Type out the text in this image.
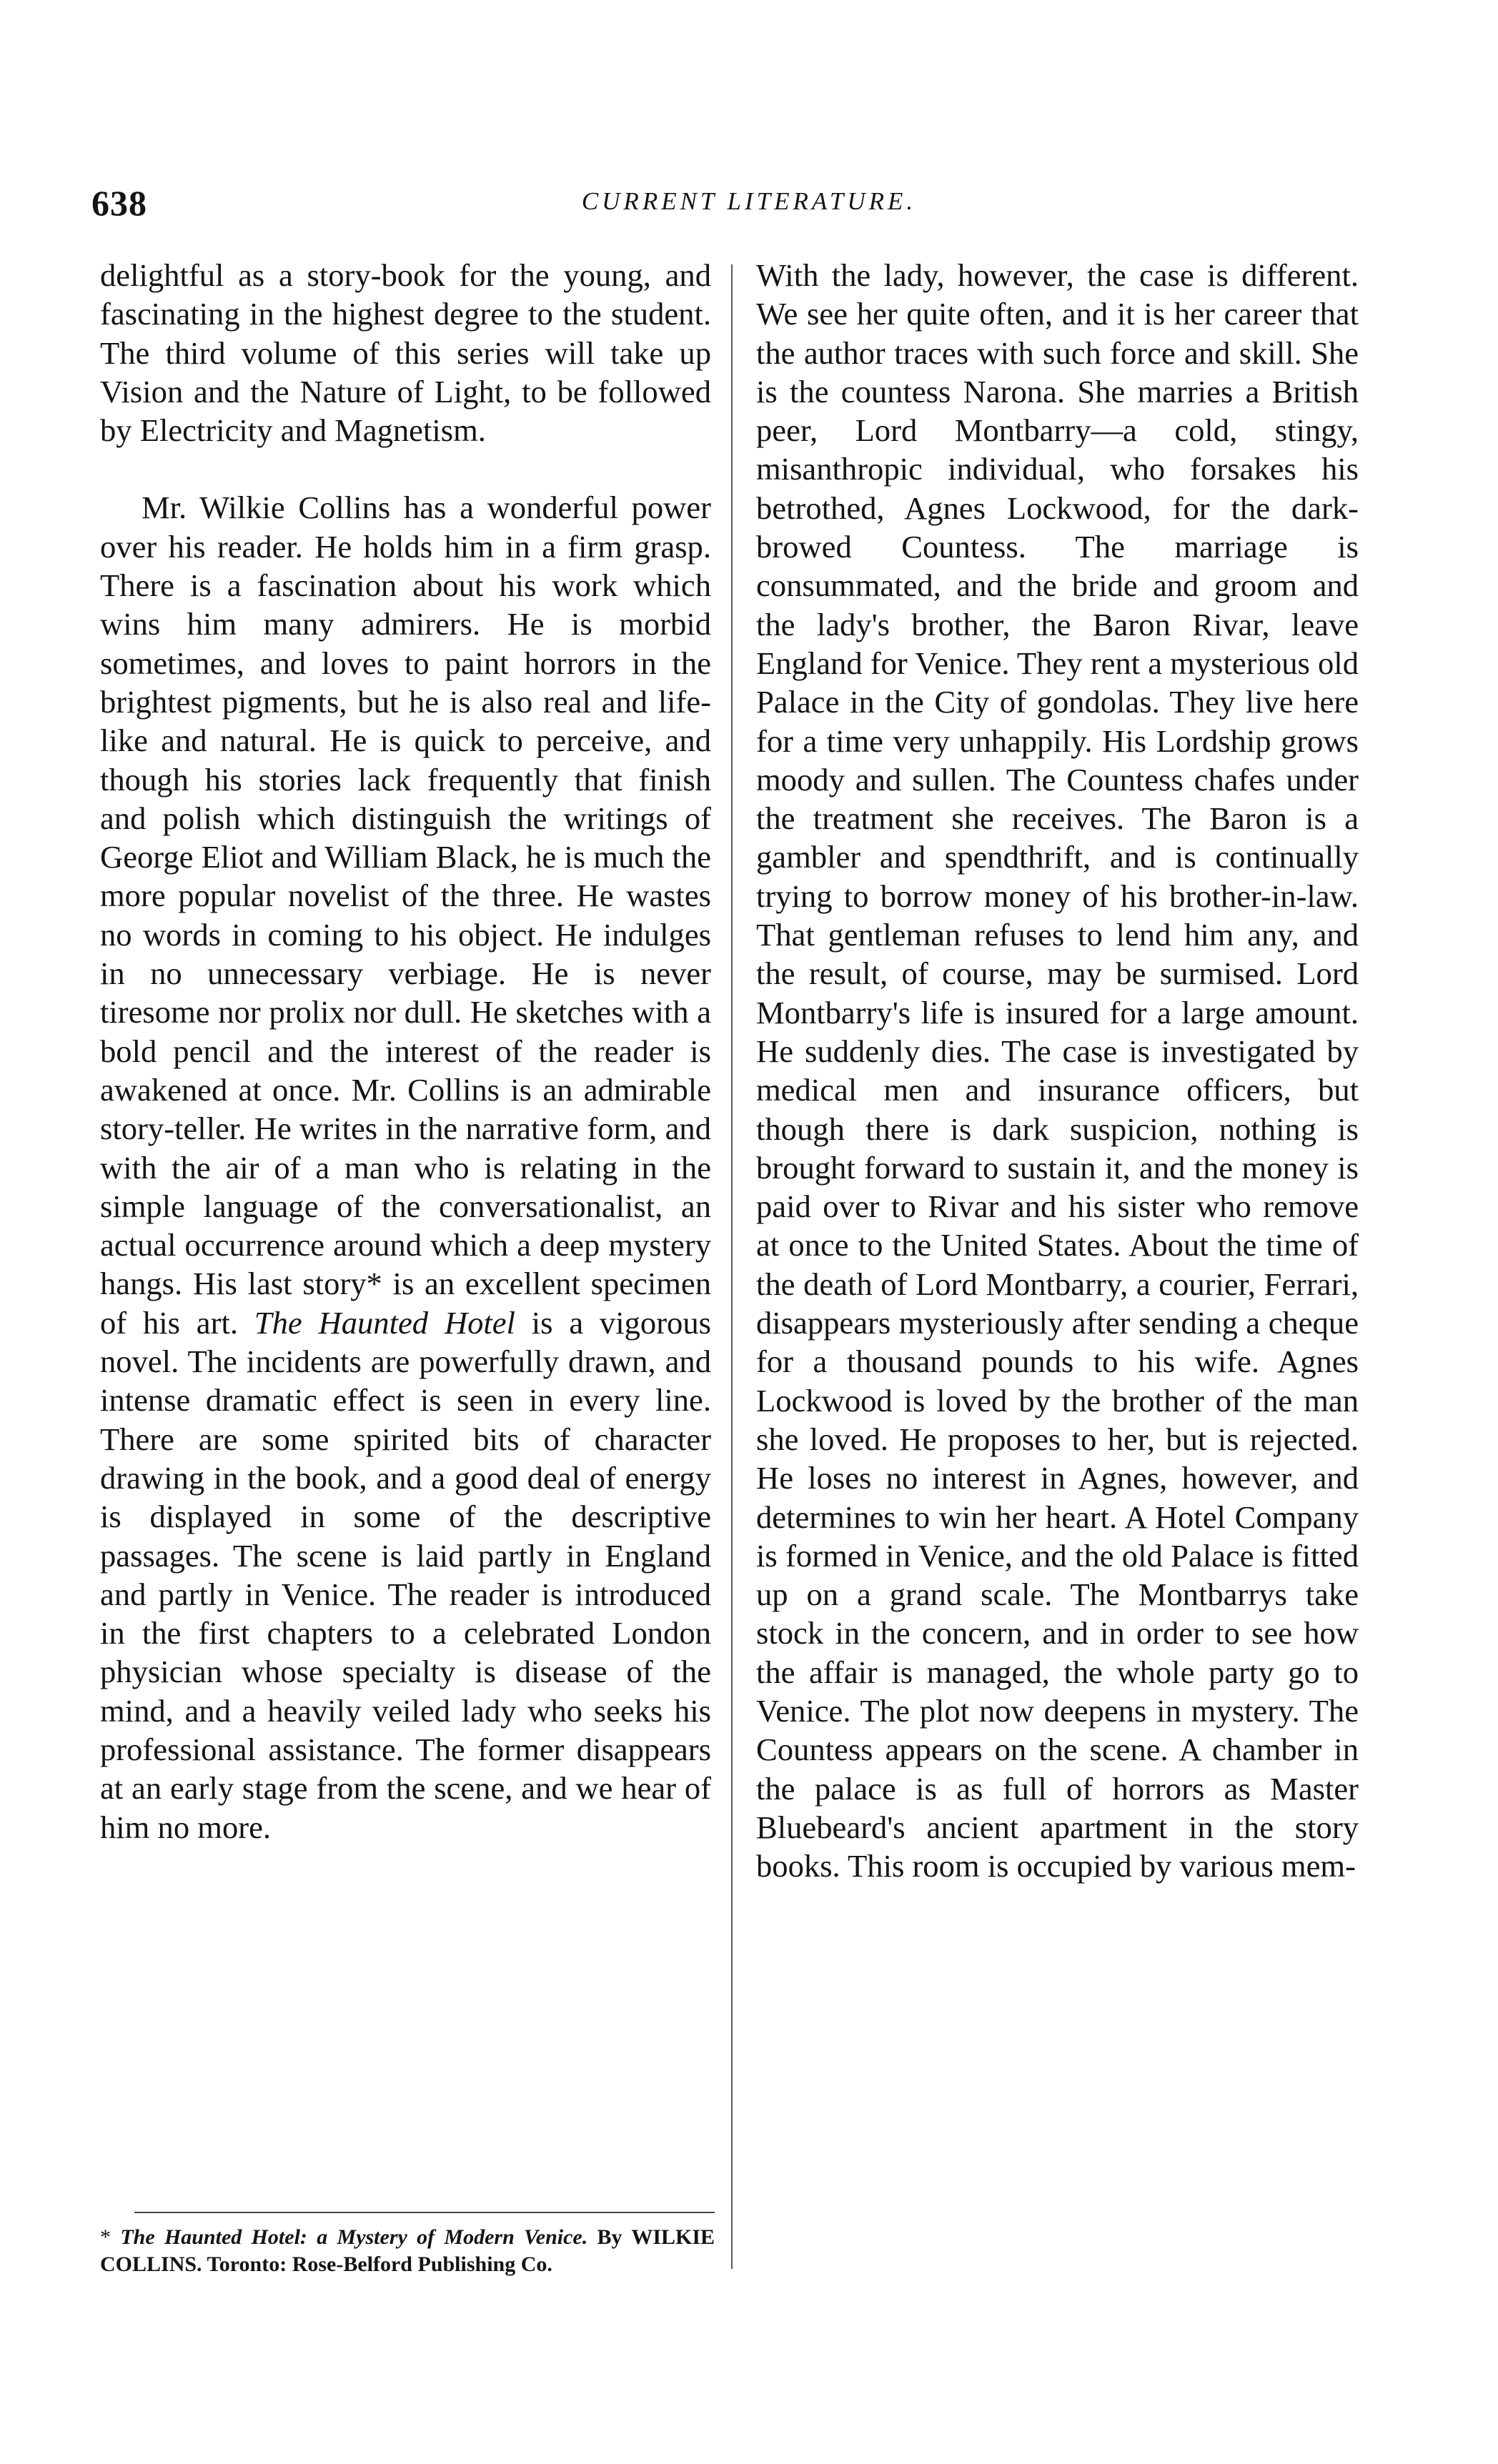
638	CURRENT LITERATURE.

delightful as a story-book for the young, and fascinating in the highest degree to the student. The third volume of this series will take up Vision and the Nature of Light, to be followed by Electricity and Magnetism.

Mr. Wilkie Collins has a wonderful power over his reader. He holds him in a firm grasp. There is a fascination about his work which wins him many admirers. He is morbid sometimes, and loves to paint horrors in the brightest pigments, but he is also real and life-like and natural. He is quick to perceive, and though his stories lack frequently that finish and polish which distinguish the writings of George Eliot and William Black, he is much the more popular novelist of the three. He wastes no words in coming to his object. He indulges in no unnecessary verbiage. He is never tiresome nor prolix nor dull. He sketches with a bold pencil and the interest of the reader is awakened at once. Mr. Collins is an admirable story-teller. He writes in the narrative form, and with the air of a man who is relating in the simple language of the conversationalist, an actual occurrence around which a deep mystery hangs. His last story* is an excellent specimen of his art. The Haunted Hotel is a vigorous novel. The incidents are powerfully drawn, and intense dramatic effect is seen in every line. There are some spirited bits of character drawing in the book, and a good deal of energy is displayed in some of the descriptive passages. The scene is laid partly in England and partly in Venice. The reader is introduced in the first chapters to a celebrated London physician whose specialty is disease of the mind, and a heavily veiled lady who seeks his professional assistance. The former disappears at an early stage from the scene, and we hear of him no more.

With the lady, however, the case is different. We see her quite often, and it is her career that the author traces with such force and skill. She is the countess Narona. She marries a British peer, Lord Montbarry—a cold, stingy, misanthropic individual, who forsakes his betrothed, Agnes Lockwood, for the dark-browed Countess. The marriage is consummated, and the bride and groom and the lady's brother, the Baron Rivar, leave England for Venice. They rent a mysterious old Palace in the City of gondolas. They live here for a time very unhappily. His Lordship grows moody and sullen. The Countess chafes under the treatment she receives. The Baron is a gambler and spendthrift, and is continually trying to borrow money of his brother-in-law. That gentleman refuses to lend him any, and the result, of course, may be surmised. Lord Montbarry's life is insured for a large amount. He suddenly dies. The case is investigated by medical men and insurance officers, but though there is dark suspicion, nothing is brought forward to sustain it, and the money is paid over to Rivar and his sister who remove at once to the United States. About the time of the death of Lord Montbarry, a courier, Ferrari, disappears mysteriously after sending a cheque for a thousand pounds to his wife. Agnes Lockwood is loved by the brother of the man she loved. He proposes to her, but is rejected. He loses no interest in Agnes, however, and determines to win her heart. A Hotel Company is formed in Venice, and the old Palace is fitted up on a grand scale. The Montbarrys take stock in the concern, and in order to see how the affair is managed, the whole party go to Venice. The plot now deepens in mystery. The Countess appears on the scene. A chamber in the palace is as full of horrors as Master Bluebeard's ancient apartment in the story books. This room is occupied by various mem-

* The Haunted Hotel: a Mystery of Modern Venice. By WILKIE COLLINS. Toronto: Rose-Belford Publishing Co.
